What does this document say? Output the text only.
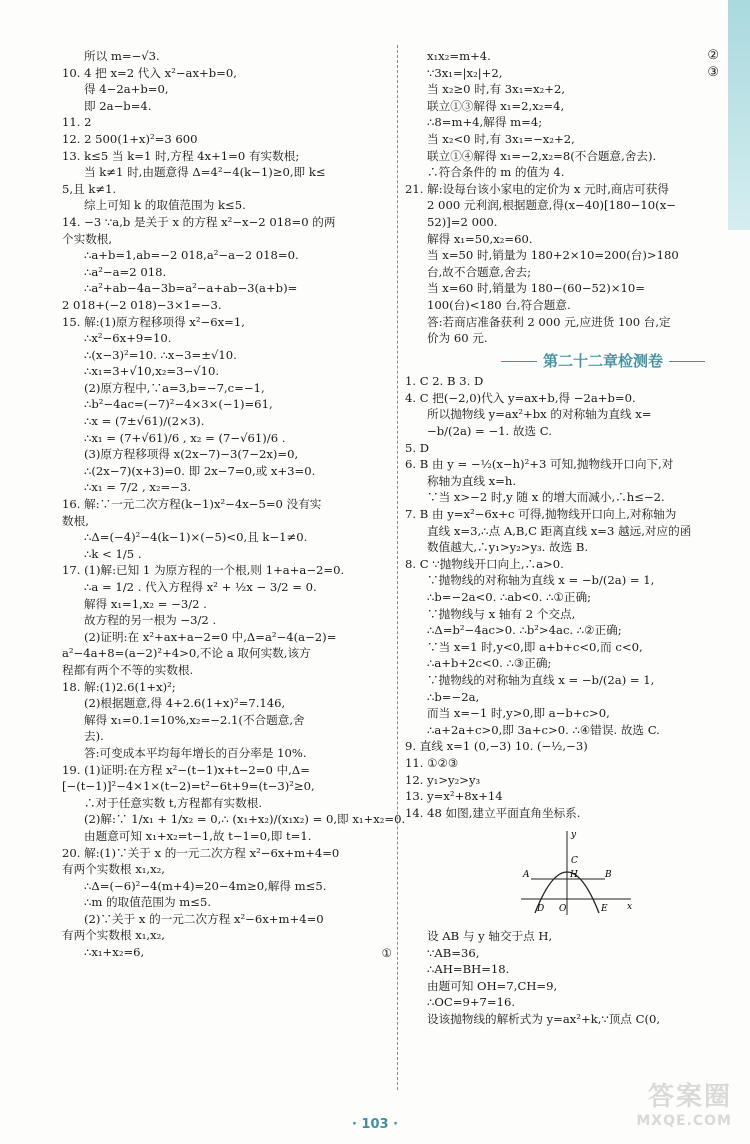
所以 m=−√3.
10. 4 把 x=2 代入 x²−ax+b=0,
得 4−2a+b=0,
即 2a−b=4.
11. 2
12. 2 500(1+x)²=3 600
13. k≤5 当 k=1 时,方程 4x+1=0 有实数根;
当 k≠1 时,由题意得 Δ=4²−4(k−1)≥0,即 k≤
5,且 k≠1.
综上可知 k 的取值范围为 k≤5.
14. −3 ∵a,b 是关于 x 的方程 x²−x−2 018=0 的两
个实数根,
∴a+b=1,ab=−2 018,a²−a−2 018=0.
∴a²−a=2 018.
∴a²+ab−4a−3b=a²−a+ab−3(a+b)=
2 018+(−2 018)−3×1=−3.
15. 解:(1)原方程移项得 x²−6x=1,
∴x²−6x+9=10.
∴(x−3)²=10. ∴x−3=±√10.
∴x₁=3+√10,x₂=3−√10.
(2)原方程中,∵a=3,b=−7,c=−1,
∴b²−4ac=(−7)²−4×3×(−1)=61,
∴x = (7±√61)/(2×3).
∴x₁ = (7+√61)/6 , x₂ = (7−√61)/6 .
(3)原方程移项得 x(2x−7)−3(7−2x)=0,
∴(2x−7)(x+3)=0. 即 2x−7=0,或 x+3=0.
∴x₁ = 7/2 , x₂=−3.
16. 解:∵一元二次方程(k−1)x²−4x−5=0 没有实
数根,
∴Δ=(−4)²−4(k−1)×(−5)<0,且 k−1≠0.
∴k < 1/5 .
17. (1)解:已知 1 为原方程的一个根,则 1+a+a−2=0.
∴a = 1/2 . 代入方程得 x² + ½x − 3/2 = 0.
解得 x₁=1,x₂ = −3/2 .
故方程的另一根为 −3/2 .
(2)证明:在 x²+ax+a−2=0 中,Δ=a²−4(a−2)=
a²−4a+8=(a−2)²+4>0,不论 a 取何实数,该方
程都有两个不等的实数根.
18. 解:(1)2.6(1+x)²;
(2)根据题意,得 4+2.6(1+x)²=7.146,
解得 x₁=0.1=10%,x₂=−2.1(不合题意,舍
去).
答:可变成本平均每年增长的百分率是 10%.
19. (1)证明:在方程 x²−(t−1)x+t−2=0 中,Δ=
[−(t−1)]²−4×1×(t−2)=t²−6t+9=(t−3)²≥0,
∴对于任意实数 t,方程都有实数根.
(2)解:∵ 1/x₁ + 1/x₂ = 0,∴ (x₁+x₂)/(x₁x₂) = 0,即 x₁+x₂=0.
由题意可知 x₁+x₂=t−1,故 t−1=0,即 t=1.
20. 解:(1)∵关于 x 的一元二次方程 x²−6x+m+4=0
有两个实数根 x₁,x₂,
∴Δ=(−6)²−4(m+4)=20−4m≥0,解得 m≤5.
∴m 的取值范围为 m≤5.
(2)∵关于 x 的一元二次方程 x²−6x+m+4=0
有两个实数根 x₁,x₂,
∴x₁+x₂=6,	①
x₁x₂=m+4.	②
∵3x₁=|x₂|+2,	③
当 x₂≥0 时,有 3x₁=x₂+2,
联立①③解得 x₁=2,x₂=4,
∴8=m+4,解得 m=4;
当 x₂<0 时,有 3x₁=−x₂+2,
联立①④解得 x₁=−2,x₂=8(不合题意,舍去).
∴符合条件的 m 的值为 4.
21. 解:设每台该小家电的定价为 x 元时,商店可获得
2 000 元利润,根据题意,得(x−40)[180−10(x−
52)]=2 000.
解得 x₁=50,x₂=60.
当 x=50 时,销量为 180+2×10=200(台)>180
台,故不合题意,舍去;
当 x=60 时,销量为 180−(60−52)×10=
100(台)<180 台,符合题意.
答:若商店准备获利 2 000 元,应进货 100 台,定
价为 60 元.
第二十二章检测卷
1. C 2. B 3. D
4. C 把(−2,0)代入 y=ax+b,得 −2a+b=0.
所以抛物线 y=ax²+bx 的对称轴为直线 x=
−b/(2a) = −1. 故选 C.
5. D
6. B 由 y = −½(x−h)²+3 可知,抛物线开口向下,对
称轴为直线 x=h.
∵当 x>−2 时,y 随 x 的增大而减小,∴h≤−2.
7. B 由 y=x²−6x+c 可得,抛物线开口向上,对称轴为
直线 x=3,∴点 A,B,C 距离直线 x=3 越远,对应的函
数值越大,∴y₁>y₂>y₃. 故选 B.
8. C ∵抛物线开口向上,∴a>0.
∵抛物线的对称轴为直线 x = −b/(2a) = 1,
∴b=−2a<0. ∴ab<0. ∴①正确;
∵抛物线与 x 轴有 2 个交点,
∴Δ=b²−4ac>0. ∴b²>4ac. ∴②正确;
∵当 x=1 时,y<0,即 a+b+c<0,而 c<0,
∴a+b+2c<0. ∴③正确;
∵抛物线的对称轴为直线 x = −b/(2a) = 1,
∴b=−2a,
而当 x=−1 时,y>0,即 a−b+c>0,
∴a+2a+c>0,即 3a+c>0. ∴④错误. 故选 C.
9. 直线 x=1 (0,−3) 10. (−½,−3)
11. ①②③
12. y₁>y₂>y₃
13. y=x²+8x+14
14. 48 如图,建立平面直角坐标系.
y
x
C
A	H	B
D O	E
设 AB 与 y 轴交于点 H,
∵AB=36,
∴AH=BH=18.
由题可知 OH=7,CH=9,
∴OC=9+7=16.
设该抛物线的解析式为 y=ax²+k,∵顶点 C(0,
· 103 ·
答案圈
MXQE.COM
